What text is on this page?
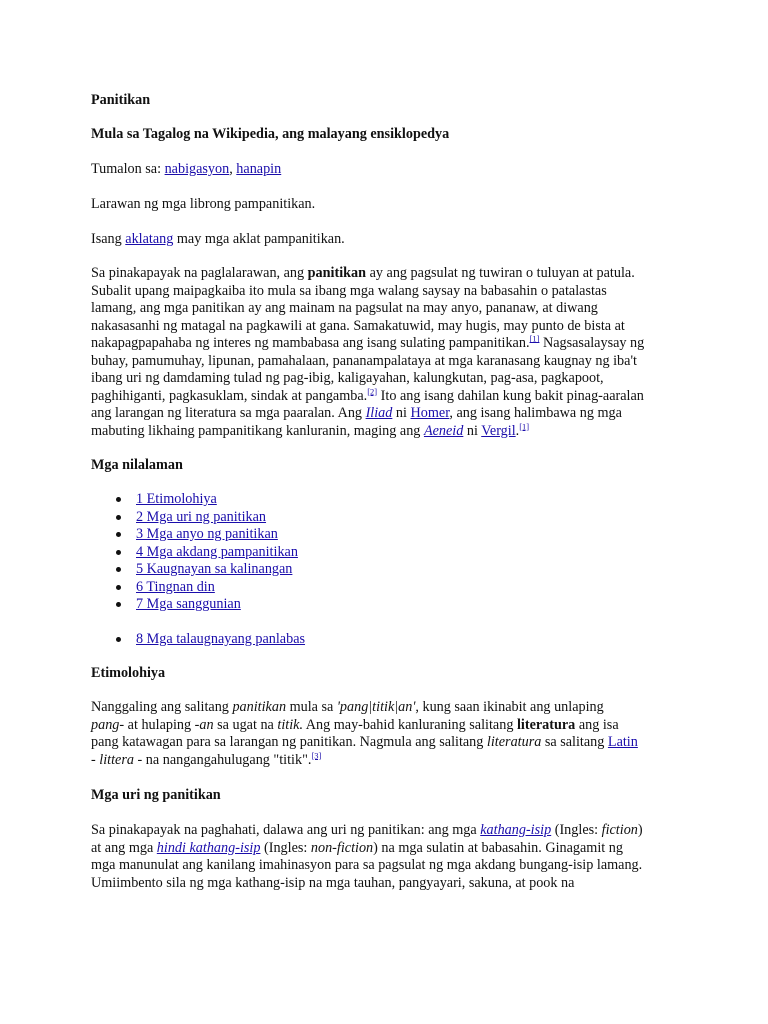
Panitikan
Mula sa Tagalog na Wikipedia, ang malayang ensiklopedya
Tumalon sa: nabigasyon, hanapin
Larawan ng mga librong pampanitikan.
Isang aklatang may mga aklat pampanitikan.
Sa pinakapayak na paglalarawan, ang panitikan ay ang pagsulat ng tuwiran o tuluyan at patula.
Subalit upang maipagkaiba ito mula sa ibang mga walang saysay na babasahin o patalastas
lamang, ang mga panitikan ay ang mainam na pagsulat na may anyo, pananaw, at diwang
nakasasanhi ng matagal na pagkawili at gana. Samakatuwid, may hugis, may punto de bista at
nakapagpapahaba ng interes ng mambabasa ang isang sulating pampanitikan.[1] Nagsasalaysay ng
buhay, pamumuhay, lipunan, pamahalaan, pananampalataya at mga karanasang kaugnay ng iba't
ibang uri ng damdaming tulad ng pag-ibig, kaligayahan, kalungkutan, pag-asa, pagkapoot,
paghihiganti, pagkasuklam, sindak at pangamba.[2] Ito ang isang dahilan kung bakit pinag-aaralan
ang larangan ng literatura sa mga paaralan. Ang Iliad ni Homer, ang isang halimbawa ng mga
mabuting likhaing pampanitikang kanluranin, maging ang Aeneid ni Vergil.[1]
Mga nilalaman
1 Etimolohiya
2 Mga uri ng panitikan
3 Mga anyo ng panitikan
4 Mga akdang pampanitikan
5 Kaugnayan sa kalinangan
6 Tingnan din
7 Mga sanggunian
8 Mga talaugnayang panlabas
Etimolohiya
Nanggaling ang salitang panitikan mula sa 'pang|titik|an', kung saan ikinabit ang unlaping
pang- at hulaping -an sa ugat na titik. Ang may-bahid kanluraning salitang literatura ang isa
pang katawagan para sa larangan ng panitikan. Nagmula ang salitang literatura sa salitang Latin
- littera - na nangangahulugang "titik".[3]
Mga uri ng panitikan
Sa pinakapayak na paghahati, dalawa ang uri ng panitikan: ang mga kathang-isip (Ingles: fiction)
at ang mga hindi kathang-isip (Ingles: non-fiction) na mga sulatin at babasahin. Ginagamit ng
mga manunulat ang kanilang imahinasyon para sa pagsulat ng mga akdang bungang-isip lamang.
Umiimbento sila ng mga kathang-isip na mga tauhan, pangyayari, sakuna, at pook na
